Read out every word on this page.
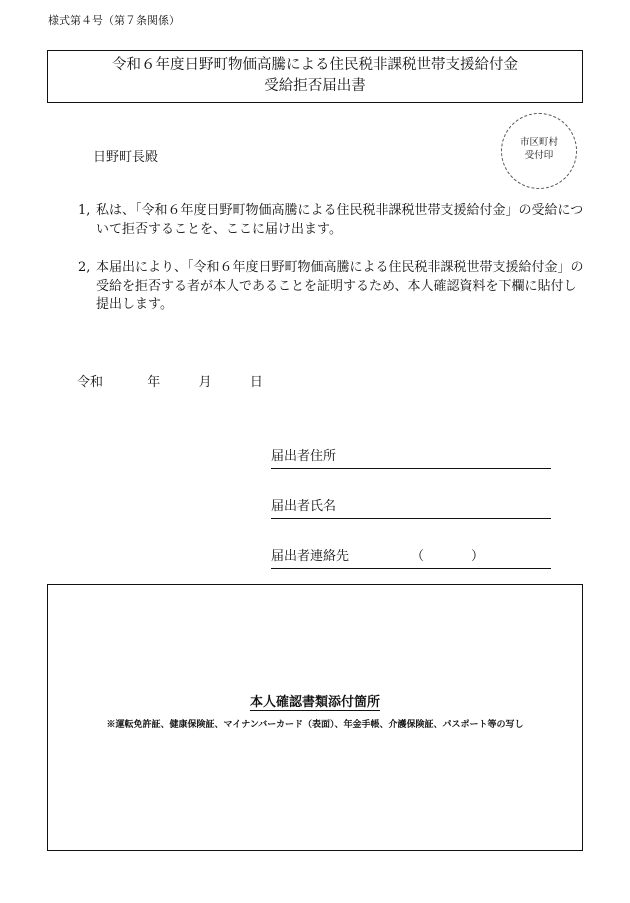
様式第４号（第７条関係）
令和６年度日野町物価高騰による住民税非課税世帯支援給付金
受給拒否届出書
日野町長殿
市区町村
受付印
1, 私は、「令和６年度日野町物価高騰による住民税非課税世帯支援給付金」の受給について拒否することを、ここに届け出ます。
2, 本届出により、「令和６年度日野町物価高騰による住民税非課税世帯支援給付金」の受給を拒否する者が本人であることを証明するため、本人確認資料を下欄に貼付し提出します。
令和	年	月	日
届出者住所
届出者氏名
届出者連絡先	（	）
本人確認書類添付箇所
※運転免許証、健康保険証、マイナンバーカード（表面）、年金手帳、介護保険証、パスポート等の写し
